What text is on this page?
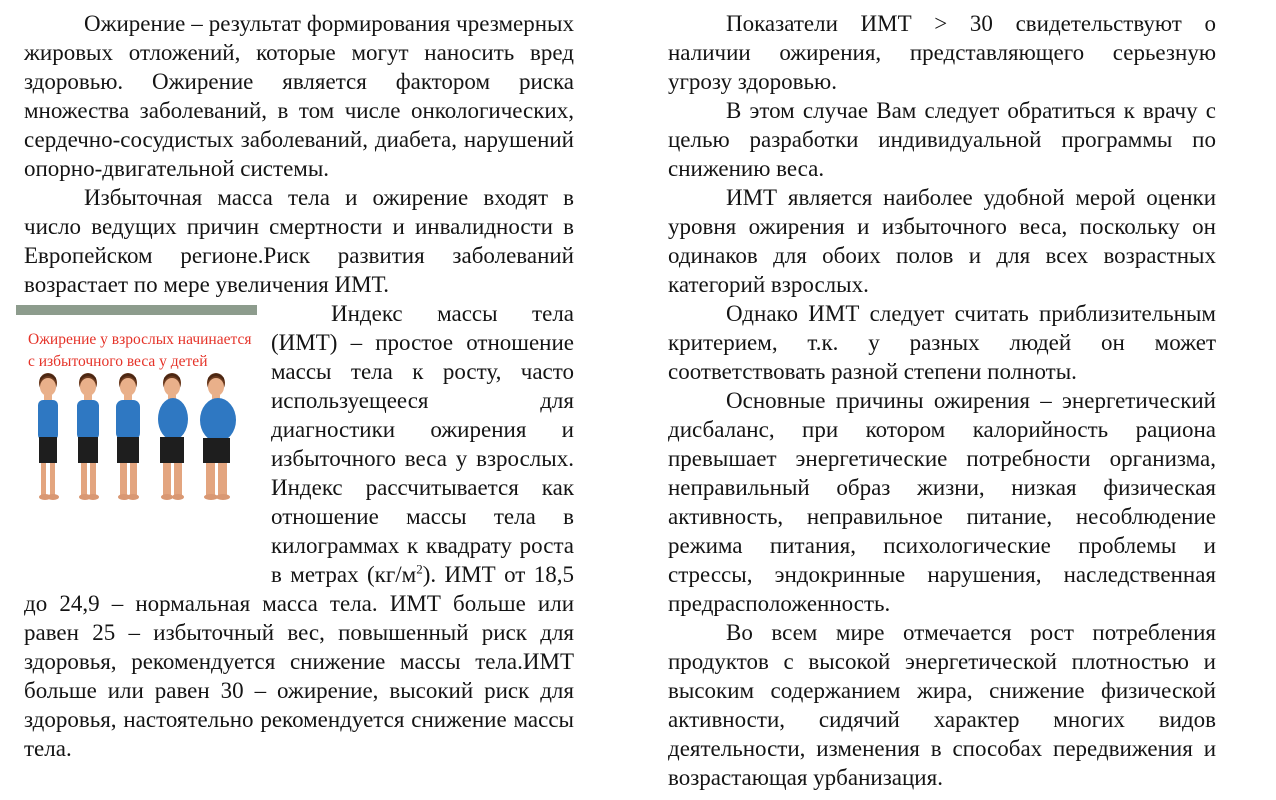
Ожирение – результат формирования чрезмерных жировых отложений, которые могут наносить вред здоровью. Ожирение является фактором риска множества заболеваний, в том числе онкологических, сердечно-сосудистых заболеваний, диабета, нарушений опорно-двигательной системы.

Избыточная масса тела и ожирение входят в число ведущих причин смертности и инвалидности в Европейском регионе.Риск развития заболеваний возрастает по мере увеличения ИМТ.

Ожирение у взрослых начинается с избыточного веса у детей

Индекс массы тела (ИМТ) – простое отношение массы тела к росту, часто используещееся для диагностики ожирения и избыточного веса у взрослых. Индекс рассчитывается как отношение массы тела в килограммах к квадрату роста в метрах $(кг/м^2)$. ИМТ от 18,5 до 24,9 – нормальная масса тела. ИМТ больше или равен 25 – избыточный вес, повышенный риск для здоровья, рекомендуется снижение массы тела.ИМТ больше или равен 30 – ожирение, высокий риск для здоровья, настоятельно рекомендуется снижение массы тела.

Показатели ИМТ > 30 свидетельствуют о наличии ожирения, представляющего серьезную угрозу здоровью.

В этом случае Вам следует обратиться к врачу с целью разработки индивидуальной программы по снижению веса.

ИМТ является наиболее удобной мерой оценки уровня ожирения и избыточного веса, поскольку он одинаков для обоих полов и для всех возрастных категорий взрослых.

Однако ИМТ следует считать приблизительным критерием, т.к. у разных людей он может соответствовать разной степени полноты.

Основные причины ожирения – энергетический дисбаланс, при котором калорийность рациона превышает энергетические потребности организма, неправильный образ жизни, низкая физическая активность, неправильное питание, несоблюдение режима питания, психологические проблемы и стрессы, эндокринные нарушения, наследственная предрасположенность.

Во всем мире отмечается рост потребления продуктов с высокой энергетической плотностью и высоким содержанием жира, снижение физической активности, сидячий характер многих видов деятельности, изменения в способах передвижения и возрастающая урбанизация.
